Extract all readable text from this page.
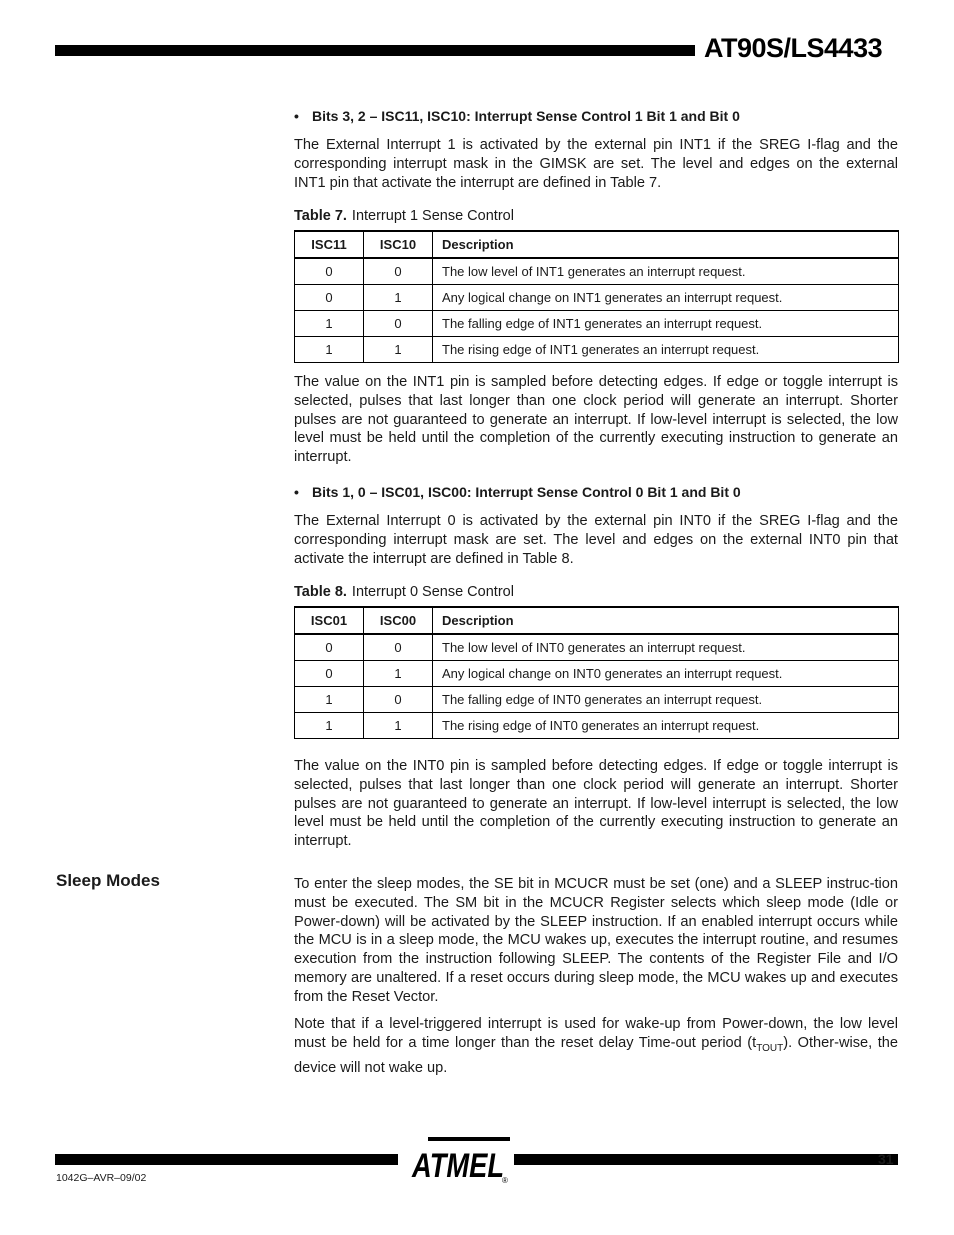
AT90S/LS4433
• Bits 3, 2 – ISC11, ISC10: Interrupt Sense Control 1 Bit 1 and Bit 0

The External Interrupt 1 is activated by the external pin INT1 if the SREG I-flag and the corresponding interrupt mask in the GIMSK are set. The level and edges on the external INT1 pin that activate the interrupt are defined in Table 7.

Table 7. Interrupt 1 Sense Control
ISC11	ISC10	Description
0	0	The low level of INT1 generates an interrupt request.
0	1	Any logical change on INT1 generates an interrupt request.
1	0	The falling edge of INT1 generates an interrupt request.
1	1	The rising edge of INT1 generates an interrupt request.

The value on the INT1 pin is sampled before detecting edges. If edge or toggle interrupt is selected, pulses that last longer than one clock period will generate an interrupt. Shorter pulses are not guaranteed to generate an interrupt. If low-level interrupt is selected, the low level must be held until the completion of the currently executing instruction to generate an interrupt.

• Bits 1, 0 – ISC01, ISC00: Interrupt Sense Control 0 Bit 1 and Bit 0

The External Interrupt 0 is activated by the external pin INT0 if the SREG I-flag and the corresponding interrupt mask are set. The level and edges on the external INT0 pin that activate the interrupt are defined in Table 8.

Table 8. Interrupt 0 Sense Control
ISC01	ISC00	Description
0	0	The low level of INT0 generates an interrupt request.
0	1	Any logical change on INT0 generates an interrupt request.
1	0	The falling edge of INT0 generates an interrupt request.
1	1	The rising edge of INT0 generates an interrupt request.

The value on the INT0 pin is sampled before detecting edges. If edge or toggle interrupt is selected, pulses that last longer than one clock period will generate an interrupt. Shorter pulses are not guaranteed to generate an interrupt. If low-level interrupt is selected, the low level must be held until the completion of the currently executing instruction to generate an interrupt.

Sleep Modes	To enter the sleep modes, the SE bit in MCUCR must be set (one) and a SLEEP instruc-tion must be executed. The SM bit in the MCUCR Register selects which sleep mode (Idle or Power-down) will be activated by the SLEEP instruction. If an enabled interrupt occurs while the MCU is in a sleep mode, the MCU wakes up, executes the interrupt routine, and resumes execution from the instruction following SLEEP. The contents of the Register File and I/O memory are unaltered. If a reset occurs during sleep mode, the MCU wakes up and executes from the Reset Vector.

Note that if a level-triggered interrupt is used for wake-up from Power-down, the low level must be held for a time longer than the reset delay Time-out period $(t_{TOUT})$. Other-wise, the device will not wake up.

ATMEL
®
31
1042G–AVR–09/02
